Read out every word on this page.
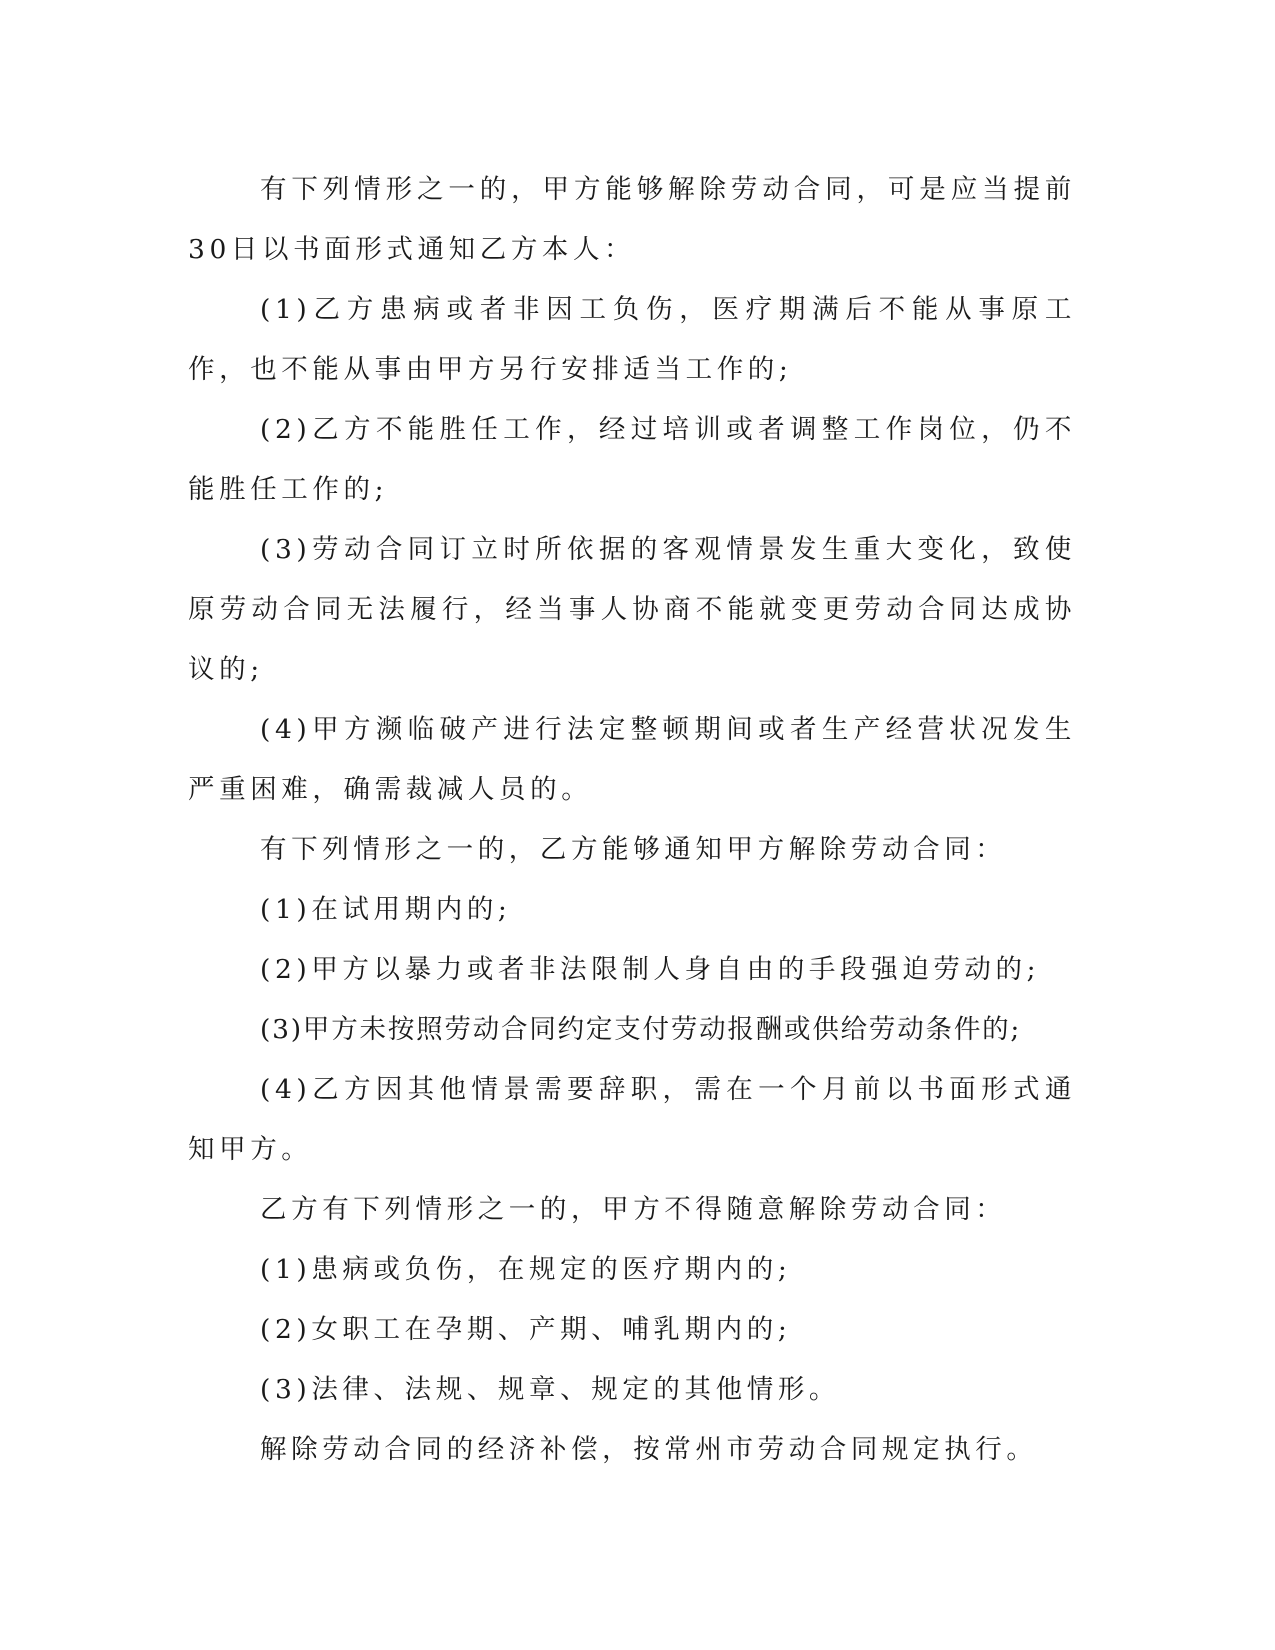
有下列情形之一的，甲方能够解除劳动合同，可是应当提前30日以书面形式通知乙方本人：

(1)乙方患病或者非因工负伤，医疗期满后不能从事原工作，也不能从事由甲方另行安排适当工作的;

(2)乙方不能胜任工作，经过培训或者调整工作岗位，仍不能胜任工作的;

(3)劳动合同订立时所依据的客观情景发生重大变化，致使原劳动合同无法履行，经当事人协商不能就变更劳动合同达成协议的;

(4)甲方濒临破产进行法定整顿期间或者生产经营状况发生严重困难，确需裁减人员的。

有下列情形之一的，乙方能够通知甲方解除劳动合同：

(1)在试用期内的;

(2)甲方以暴力或者非法限制人身自由的手段强迫劳动的;

(3)甲方未按照劳动合同约定支付劳动报酬或供给劳动条件的;

(4)乙方因其他情景需要辞职，需在一个月前以书面形式通知甲方。

乙方有下列情形之一的，甲方不得随意解除劳动合同：

(1)患病或负伤，在规定的医疗期内的;

(2)女职工在孕期、产期、哺乳期内的;

(3)法律、法规、规章、规定的其他情形。

解除劳动合同的经济补偿，按常州市劳动合同规定执行。
